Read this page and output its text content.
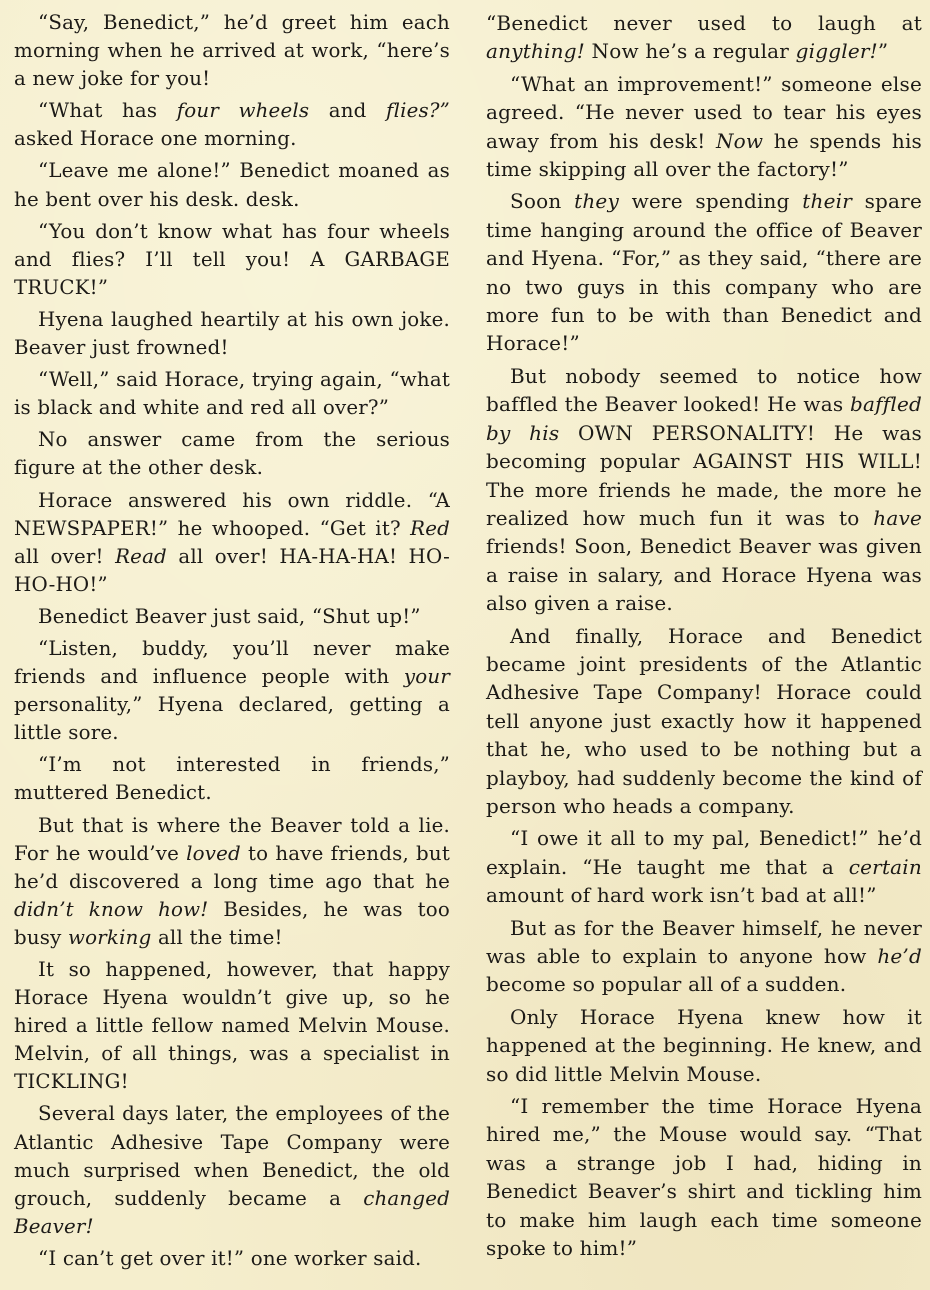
“Say, Benedict,” he’d greet him each morning when he arrived at work, “here’s a new joke for you!

“What has four wheels and flies?” asked Horace one morning.

“Leave me alone!” Benedict moaned as he bent over his desk. desk.

“You don’t know what has four wheels and flies? I’ll tell you! A GARBAGE TRUCK!”

Hyena laughed heartily at his own joke. Beaver just frowned!

“Well,” said Horace, trying again, “what is black and white and red all over?”

No answer came from the serious figure at the other desk.

Horace answered his own riddle. “A NEWSPAPER!” he whooped. “Get it? Red all over! Read all over! HA-HA-HA! HO-HO-HO!”

Benedict Beaver just said, “Shut up!”

“Listen, buddy, you’ll never make friends and influence people with your personality,” Hyena declared, getting a little sore.

“I’m not interested in friends,” muttered Benedict.

But that is where the Beaver told a lie. For he would’ve loved to have friends, but he’d discovered a long time ago that he didn’t know how! Besides, he was too busy working all the time!

It so happened, however, that happy Horace Hyena wouldn’t give up, so he hired a little fellow named Melvin Mouse. Melvin, of all things, was a specialist in TICKLING!

Several days later, the employees of the Atlantic Adhesive Tape Company were much surprised when Benedict, the old grouch, suddenly became a changed Beaver!

“I can’t get over it!” one worker said.

“Benedict never used to laugh at anything! Now he’s a regular giggler!”

“What an improvement!” someone else agreed. “He never used to tear his eyes away from his desk! Now he spends his time skipping all over the factory!”

Soon they were spending their spare time hanging around the office of Beaver and Hyena. “For,” as they said, “there are no two guys in this company who are more fun to be with than Benedict and Horace!”

But nobody seemed to notice how baffled the Beaver looked! He was baffled by his OWN PERSONALITY! He was becoming popular AGAINST HIS WILL! The more friends he made, the more he realized how much fun it was to have friends! Soon, Benedict Beaver was given a raise in salary, and Horace Hyena was also given a raise.

And finally, Horace and Benedict became joint presidents of the Atlantic Adhesive Tape Company! Horace could tell anyone just exactly how it happened that he, who used to be nothing but a playboy, had suddenly become the kind of person who heads a company.

“I owe it all to my pal, Benedict!” he’d explain. “He taught me that a certain amount of hard work isn’t bad at all!”

But as for the Beaver himself, he never was able to explain to anyone how he’d become so popular all of a sudden.

Only Horace Hyena knew how it happened at the beginning. He knew, and so did little Melvin Mouse.

“I remember the time Horace Hyena hired me,” the Mouse would say. “That was a strange job I had, hiding in Benedict Beaver’s shirt and tickling him to make him laugh each time someone spoke to him!”
